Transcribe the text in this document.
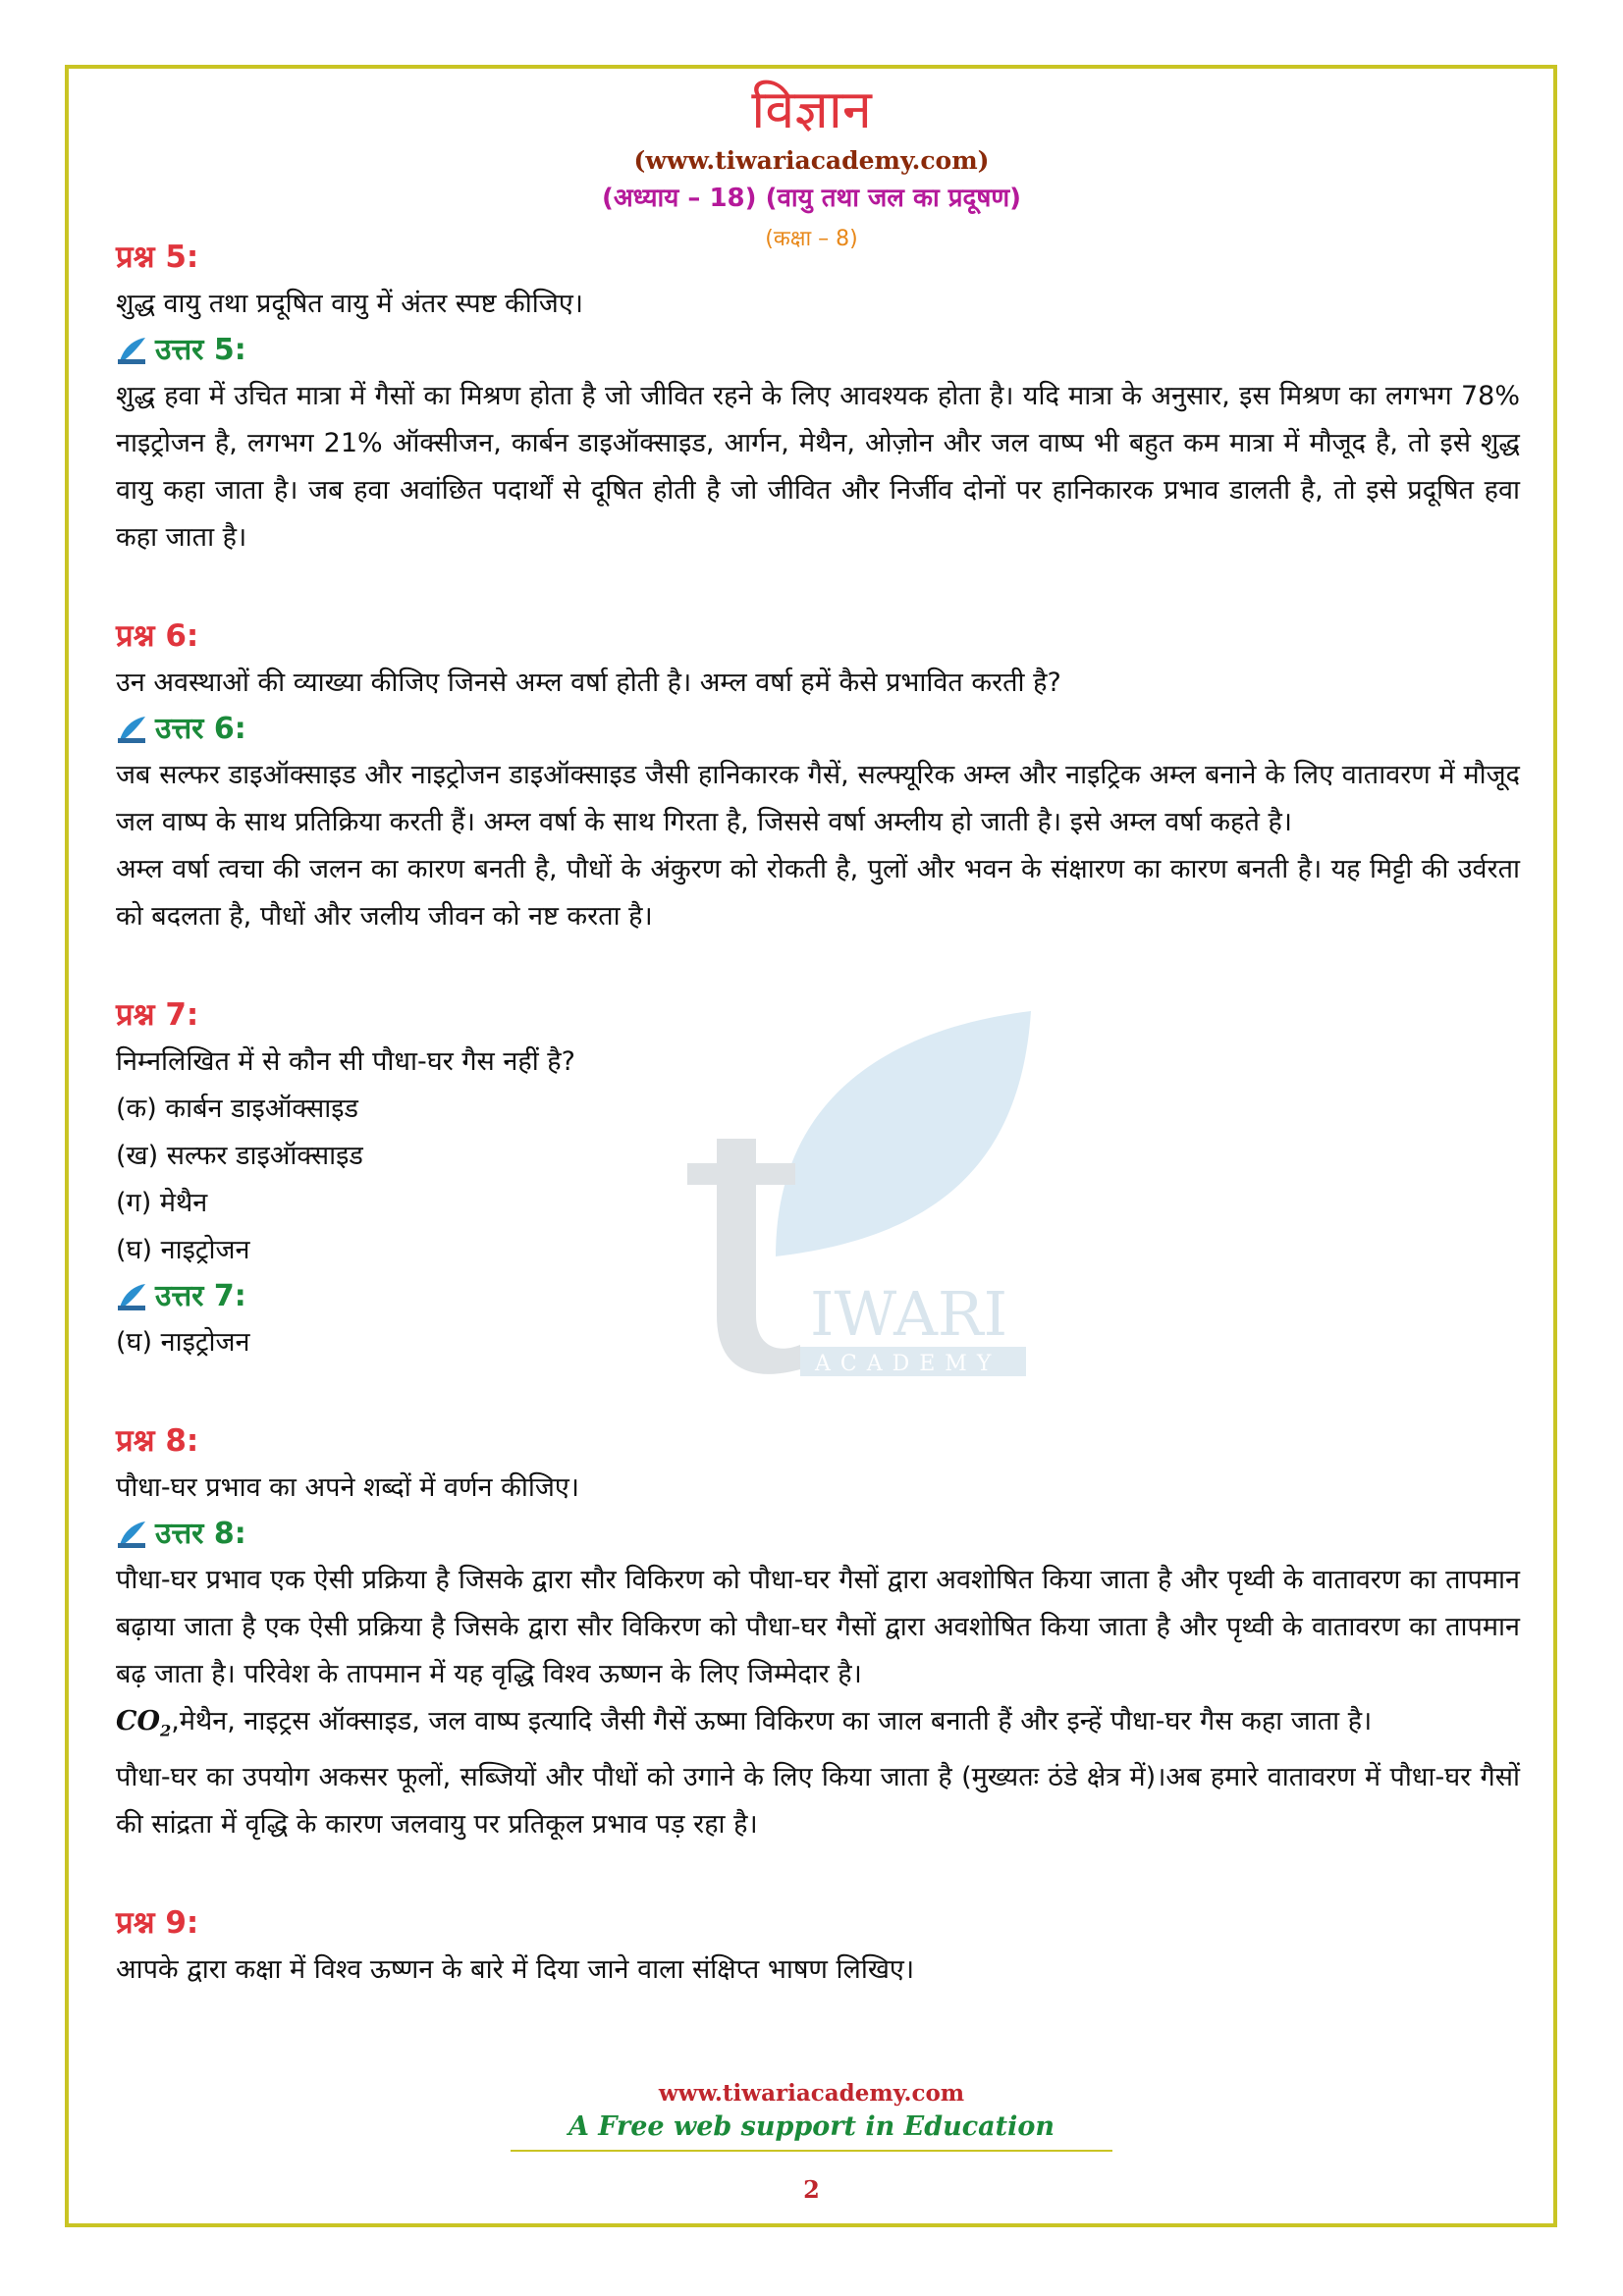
IWARI
ACADEMY
विज्ञान
(www.tiwariacademy.com)
(अध्याय – 18) (वायु तथा जल का प्रदूषण)
(कक्षा – 8)
प्रश्न 5:

शुद्ध वायु तथा प्रदूषित वायु में अंतर स्पष्ट कीजिए।

उत्तर 5:

शुद्ध हवा में उचित मात्रा में गैसों का मिश्रण होता है जो जीवित रहने के लिए आवश्यक होता है। यदि मात्रा के अनुसार, इस मिश्रण का लगभग 78% नाइट्रोजन है, लगभग 21% ऑक्सीजन, कार्बन डाइऑक्साइड, आर्गन, मेथैन, ओज़ोन और जल वाष्प भी बहुत कम मात्रा में मौजूद है, तो इसे शुद्ध वायु कहा जाता है। जब हवा अवांछित पदार्थों से दूषित होती है जो जीवित और निर्जीव दोनों पर हानिकारक प्रभाव डालती है, तो इसे प्रदूषित हवा कहा जाता है।

प्रश्न 6:

उन अवस्थाओं की व्याख्या कीजिए जिनसे अम्ल वर्षा होती है। अम्ल वर्षा हमें कैसे प्रभावित करती है?

उत्तर 6:

जब सल्फर डाइऑक्साइड और नाइट्रोजन डाइऑक्साइड जैसी हानिकारक गैसें, सल्फ्यूरिक अम्ल और नाइट्रिक अम्ल बनाने के लिए वातावरण में मौजूद जल वाष्प के साथ प्रतिक्रिया करती हैं। अम्ल वर्षा के साथ गिरता है, जिससे वर्षा अम्लीय हो जाती है। इसे अम्ल वर्षा कहते है।

अम्ल वर्षा त्वचा की जलन का कारण बनती है, पौधों के अंकुरण को रोकती है, पुलों और भवन के संक्षारण का कारण बनती है। यह मिट्टी की उर्वरता को बदलता है, पौधों और जलीय जीवन को नष्ट करता है।

प्रश्न 7:

निम्नलिखित में से कौन सी पौधा-घर गैस नहीं है?

(क) कार्बन डाइऑक्साइड

(ख) सल्फर डाइऑक्साइड

(ग) मेथैन

(घ) नाइट्रोजन

उत्तर 7:

(घ) नाइट्रोजन

प्रश्न 8:

पौधा-घर प्रभाव का अपने शब्दों में वर्णन कीजिए।

उत्तर 8:

पौधा-घर प्रभाव एक ऐसी प्रक्रिया है जिसके द्वारा सौर विकिरण को पौधा-घर गैसों द्वारा अवशोषित किया जाता है और पृथ्वी के वातावरण का तापमान बढ़ाया जाता है एक ऐसी प्रक्रिया है जिसके द्वारा सौर विकिरण को पौधा-घर गैसों द्वारा अवशोषित किया जाता है और पृथ्वी के वातावरण का तापमान बढ़ जाता है। परिवेश के तापमान में यह वृद्धि विश्व ऊष्णन के लिए जिम्मेदार है।

$CO_2,मेथैन$, नाइट्रस ऑक्साइड, जल वाष्प इत्यादि जैसी गैसें ऊष्मा विकिरण का जाल बनाती हैं और इन्हें पौधा-घर गैस कहा जाता है।

पौधा-घर का उपयोग अकसर फूलों, सब्जियों और पौधों को उगाने के लिए किया जाता है (मुख्यतः ठंडे क्षेत्र में)।अब हमारे वातावरण में पौधा-घर गैसों की सांद्रता में वृद्धि के कारण जलवायु पर प्रतिकूल प्रभाव पड़ रहा है।

प्रश्न 9:

आपके द्वारा कक्षा में विश्व ऊष्णन के बारे में दिया जाने वाला संक्षिप्त भाषण लिखिए।

www.tiwariacademy.com
A Free web support in Education
2
